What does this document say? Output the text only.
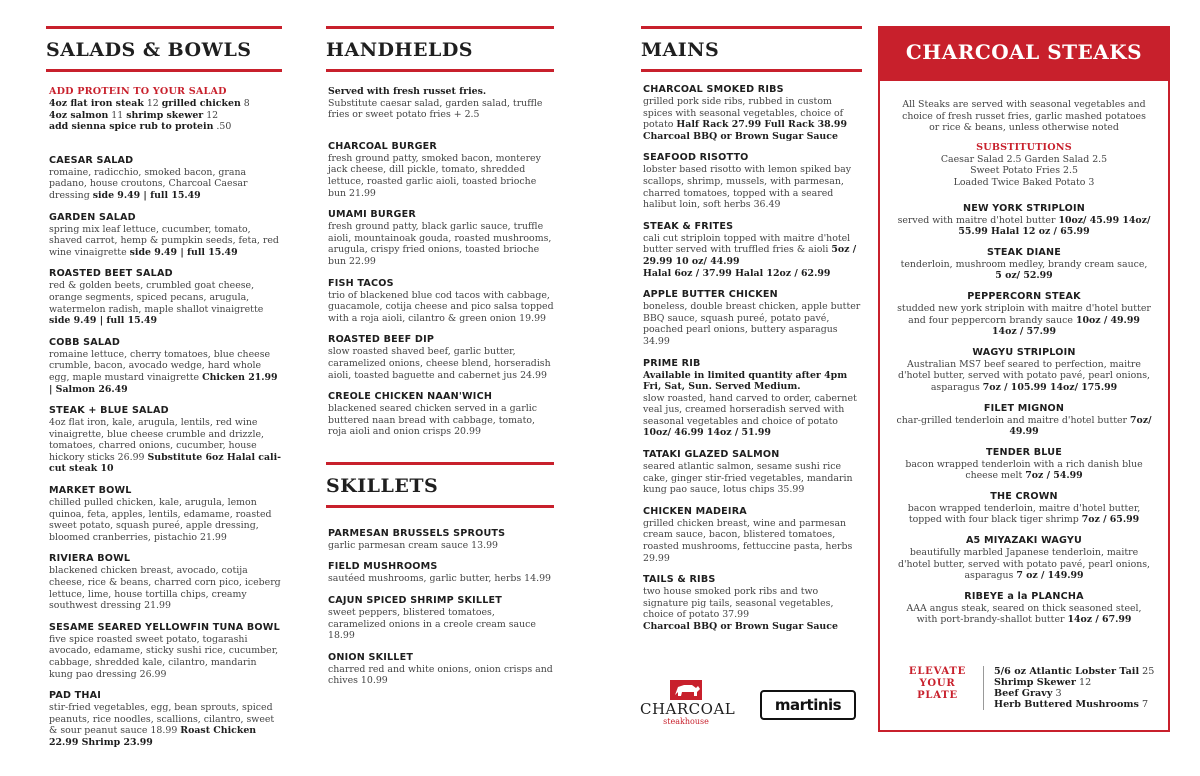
SALADS & BOWLS
ADD PROTEIN TO YOUR SALAD
4oz flat iron steak 12 grilled chicken 8
4oz salmon 11 shrimp skewer 12
add sienna spice rub to protein .50
CAESAR SALAD
romaine, radicchio, smoked bacon, grana padano, house croutons, Charcoal Caesar dressing side 9.49 | full 15.49
GARDEN SALAD
spring mix leaf lettuce, cucumber, tomato, shaved carrot, hemp & pumpkin seeds, feta, red wine vinaigrette side 9.49 | full 15.49
ROASTED BEET SALAD
red & golden beets, crumbled goat cheese, orange segments, spiced pecans, arugula, watermelon radish, maple shallot vinaigrette side 9.49 | full 15.49
COBB SALAD
romaine lettuce, cherry tomatoes, blue cheese crumble, bacon, avocado wedge, hard whole egg, maple mustard vinaigrette Chicken 21.99 | Salmon 26.49
STEAK + BLUE SALAD
4oz flat iron, kale, arugula, lentils, red wine vinaigrette, blue cheese crumble and drizzle, tomatoes, charred onions, cucumber, house hickory sticks 26.99 Substitute 6oz Halal cali-cut steak 10
MARKET BOWL
chilled pulled chicken, kale, arugula, lemon quinoa, feta, apples, lentils, edamame, roasted sweet potato, squash pureé, apple dressing, bloomed cranberries, pistachio 21.99
RIVIERA BOWL
blackened chicken breast, avocado, cotija cheese, rice & beans, charred corn pico, iceberg lettuce, lime, house tortilla chips, creamy southwest dressing 21.99
SESAME SEARED YELLOWFIN TUNA BOWL
five spice roasted sweet potato, togarashi avocado, edamame, sticky sushi rice, cucumber, cabbage, shredded kale, cilantro, mandarin kung pao dressing 26.99
PAD THAI
stir-fried vegetables, egg, bean sprouts, spiced peanuts, rice noodles, scallions, cilantro, sweet & sour peanut sauce 18.99 Roast Chicken 22.99 Shrimp 23.99
HANDHELDS
Served with fresh russet fries.
Substitute caesar salad, garden salad, truffle fries or sweet potato fries + 2.5
CHARCOAL BURGER
fresh ground patty, smoked bacon, monterey jack cheese, dill pickle, tomato, shredded lettuce, roasted garlic aioli, toasted brioche bun 21.99
UMAMI BURGER
fresh ground patty, black garlic sauce, truffle aioli, mountainoak gouda, roasted mushrooms, arugula, crispy fried onions, toasted brioche bun 22.99
FISH TACOS
trio of blackened blue cod tacos with cabbage, guacamole, cotija cheese and pico salsa topped with a roja aioli, cilantro & green onion 19.99
ROASTED BEEF DIP
slow roasted shaved beef, garlic butter, caramelized onions, cheese blend, horseradish aioli, toasted baguette and cabernet jus 24.99
CREOLE CHICKEN NAAN'WICH
blackened seared chicken served in a garlic buttered naan bread with cabbage, tomato, roja aioli and onion crisps 20.99
SKILLETS
PARMESAN BRUSSELS SPROUTS
garlic parmesan cream sauce 13.99
FIELD MUSHROOMS
sautéed mushrooms, garlic butter, herbs 14.99
CAJUN SPICED SHRIMP SKILLET
sweet peppers, blistered tomatoes, caramelized onions in a creole cream sauce 18.99
ONION SKILLET
charred red and white onions, onion crisps and chives 10.99
MAINS
CHARCOAL SMOKED RIBS
grilled pork side ribs, rubbed in custom spices with seasonal vegetables, choice of potato Half Rack 27.99 Full Rack 38.99
Charcoal BBQ or Brown Sugar Sauce
SEAFOOD RISOTTO
lobster based risotto with lemon spiked bay scallops, shrimp, mussels, with parmesan, charred tomatoes, topped with a seared halibut loin, soft herbs 36.49
STEAK & FRITES
cali cut striploin topped with maitre d'hotel butter served with truffled fries & aioli 5oz / 29.99 10 oz/ 44.99
Halal 6oz / 37.99 Halal 12oz / 62.99
APPLE BUTTER CHICKEN
boneless, double breast chicken, apple butter BBQ sauce, squash pureé, potato pavé, poached pearl onions, buttery asparagus 34.99
PRIME RIB
Available in limited quantity after 4pm Fri, Sat, Sun. Served Medium.
slow roasted, hand carved to order, cabernet veal jus, creamed horseradish served with seasonal vegetables and choice of potato 10oz/ 46.99 14oz / 51.99
TATAKI GLAZED SALMON
seared atlantic salmon, sesame sushi rice cake, ginger stir-fried vegetables, mandarin kung pao sauce, lotus chips 35.99
CHICKEN MADEIRA
grilled chicken breast, wine and parmesan cream sauce, bacon, blistered tomatoes, roasted mushrooms, fettuccine pasta, herbs 29.99
TAILS & RIBS
two house smoked pork ribs and two signature pig tails, seasonal vegetables, choice of potato 37.99
Charcoal BBQ or Brown Sugar Sauce
CHARCOAL
steakhouse
martinis
CHARCOAL STEAKS
All Steaks are served with seasonal vegetables and choice of fresh russet fries, garlic mashed potatoes or rice & beans, unless otherwise noted
SUBSTITUTIONS
Caesar Salad 2.5 Garden Salad 2.5
Sweet Potato Fries 2.5
Loaded Twice Baked Potato 3
NEW YORK STRIPLOIN
served with maitre d'hotel butter 10oz/ 45.99 14oz/ 55.99 Halal 12 oz / 65.99
STEAK DIANE
tenderloin, mushroom medley, brandy cream sauce, 5 oz/ 52.99
PEPPERCORN STEAK
studded new york striploin with maitre d'hotel butter and four peppercorn brandy sauce 10oz / 49.99 14oz / 57.99
WAGYU STRIPLOIN
Australian MS7 beef seared to perfection, maitre d'hotel butter, served with potato pavé, pearl onions, asparagus 7oz / 105.99 14oz/ 175.99
FILET MIGNON
char-grilled tenderloin and maitre d'hotel butter 7oz/ 49.99
TENDER BLUE
bacon wrapped tenderloin with a rich danish blue cheese melt 7oz / 54.99
THE CROWN
bacon wrapped tenderloin, maitre d'hotel butter, topped with four black tiger shrimp 7oz / 65.99
A5 MIYAZAKI WAGYU
beautifully marbled Japanese tenderloin, maitre d'hotel butter, served with potato pavé, pearl onions, asparagus 7 oz / 149.99
RIBEYE a la PLANCHA
AAA angus steak, seared on thick seasoned steel, with port-brandy-shallot butter 14oz / 67.99
ELEVATE YOUR PLATE
5/6 oz Atlantic Lobster Tail 25
Shrimp Skewer 12
Beef Gravy 3
Herb Buttered Mushrooms 7
